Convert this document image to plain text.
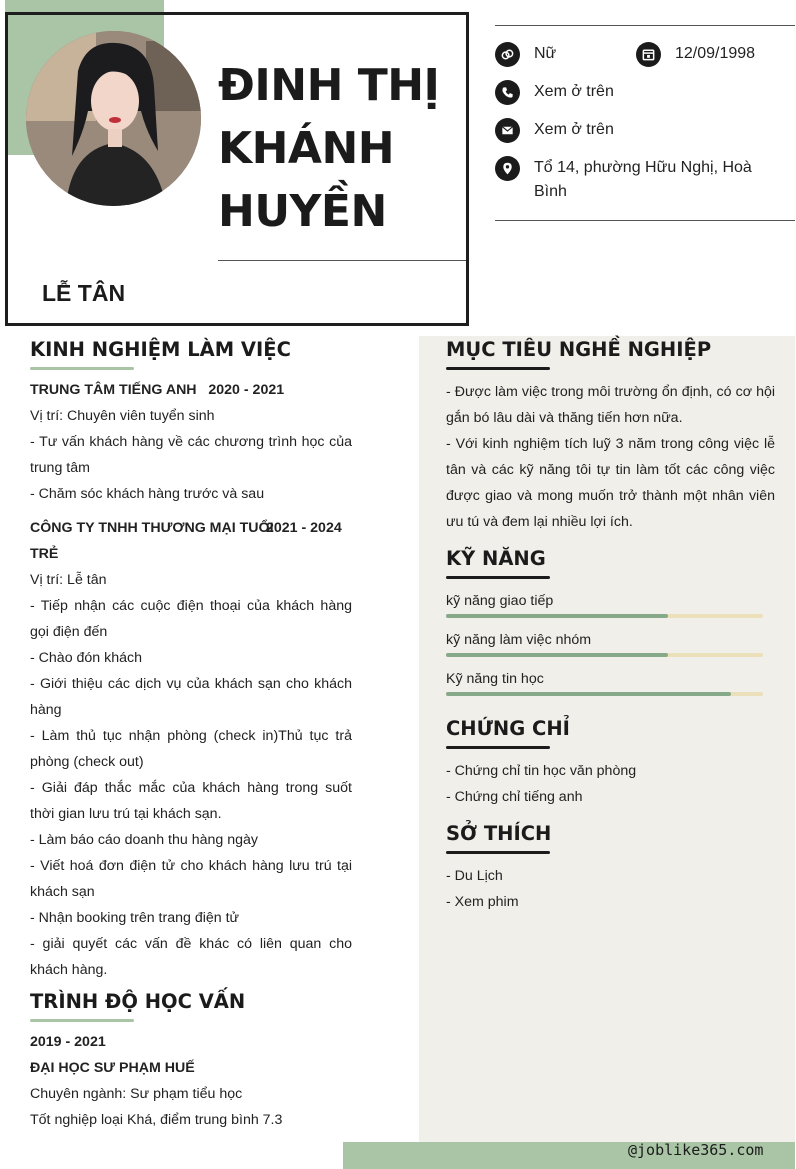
ĐINH THỊ
KHÁNH
HUYỀN
LỄ TÂN
Nữ	12/09/1998
Xem ở trên
Xem ở trên
Tổ 14, phường Hữu Nghị, Hoà Bình
@joblike365.com
KINH NGHIỆM LÀM VIỆC
TRUNG TÂM TIẾNG ANH 2020 - 2021
Vị trí: Chuyên viên tuyển sinh
- Tư vấn khách hàng về các chương trình học của trung tâm
- Chăm sóc khách hàng trước và sau
CÔNG TY TNHH THƯƠNG MẠI TUỔI
2021 - 2024
TRẺ
Vị trí: Lễ tân
- Tiếp nhận các cuộc điện thoại của khách hàng gọi điện đến
- Chào đón khách
- Giới thiệu các dịch vụ của khách sạn cho khách hàng
- Làm thủ tục nhận phòng (check in)Thủ tục trả phòng (check out)
- Giải đáp thắc mắc của khách hàng trong suốt thời gian lưu trú tại khách sạn.
- Làm báo cáo doanh thu hàng ngày
- Viết hoá đơn điện tử cho khách hàng lưu trú tại khách sạn
- Nhận booking trên trang điện tử
- giải quyết các vấn đề khác có liên quan cho khách hàng.
TRÌNH ĐỘ HỌC VẤN
2019 - 2021
ĐẠI HỌC SƯ PHẠM HUẾ
Chuyên ngành: Sư phạm tiểu học
Tốt nghiệp loại Khá, điểm trung bình 7.3
MỤC TIÊU NGHỀ NGHIỆP
- Được làm việc trong môi trường ổn định, có cơ hội gắn bó lâu dài và thăng tiến hơn nữa.
- Với kinh nghiệm tích luỹ 3 năm trong công việc lễ tân và các kỹ năng tôi tự tin làm tốt các công việc được giao và mong muốn trở thành một nhân viên ưu tú và đem lại nhiều lợi ích.
KỸ NĂNG
kỹ năng giao tiếp
kỹ năng làm việc nhóm
Kỹ năng tin học
CHỨNG CHỈ
- Chứng chỉ tin học văn phòng
- Chứng chỉ tiếng anh
SỞ THÍCH
- Du Lịch
- Xem phim
